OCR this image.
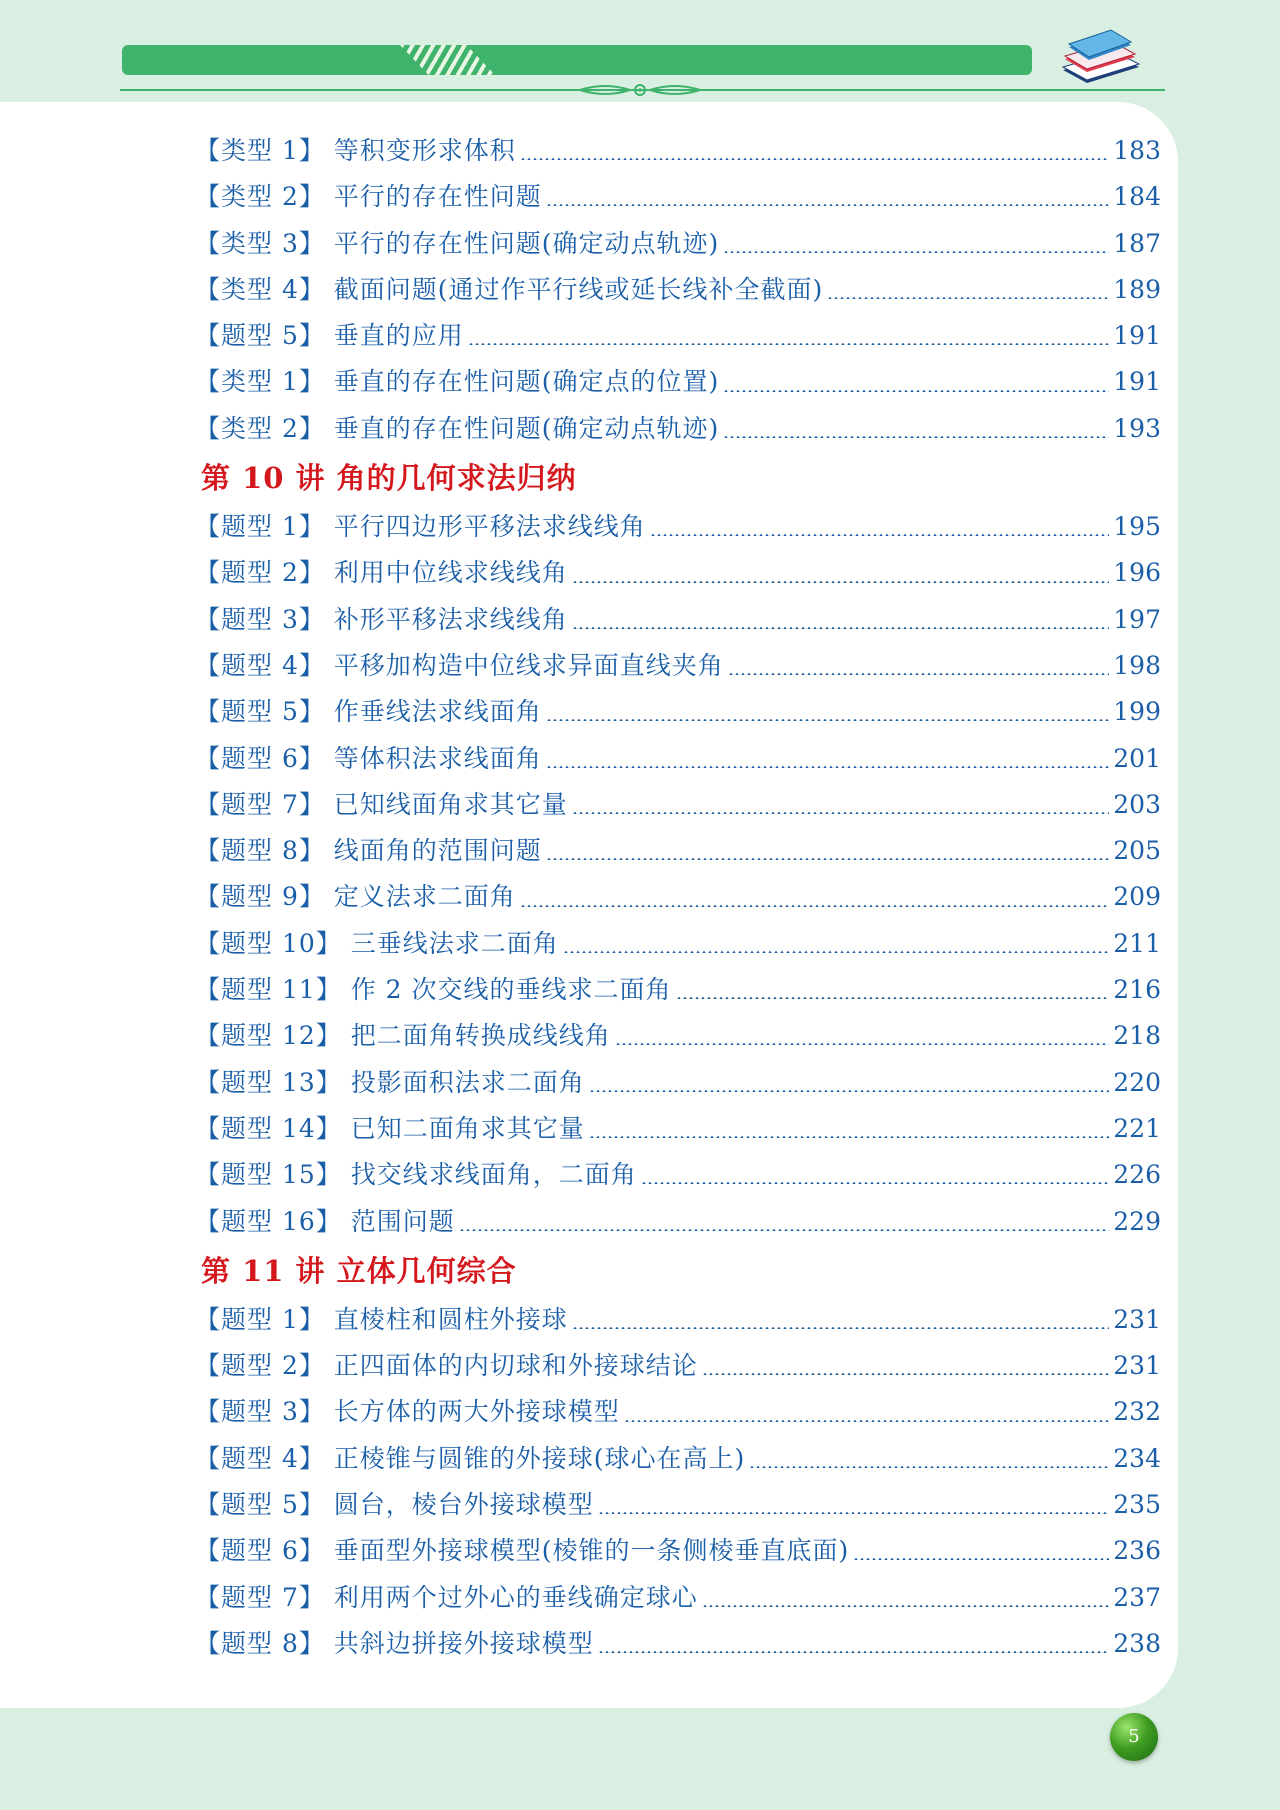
【类型 1】 等积变形求体积	183
【类型 2】 平行的存在性问题	184
【类型 3】 平行的存在性问题(确定动点轨迹)	187
【类型 4】 截面问题(通过作平行线或延长线补全截面)	189
【题型 5】 垂直的应用	191
【类型 1】 垂直的存在性问题(确定点的位置)	191
【类型 2】 垂直的存在性问题(确定动点轨迹)	193
第 10 讲 角的几何求法归纳
【题型 1】 平行四边形平移法求线线角	195
【题型 2】 利用中位线求线线角	196
【题型 3】 补形平移法求线线角	197
【题型 4】 平移加构造中位线求异面直线夹角	198
【题型 5】 作垂线法求线面角	199
【题型 6】 等体积法求线面角	201
【题型 7】 已知线面角求其它量	203
【题型 8】 线面角的范围问题	205
【题型 9】 定义法求二面角	209
【题型 10】 三垂线法求二面角	211
【题型 11】 作 2 次交线的垂线求二面角	216
【题型 12】 把二面角转换成线线角	218
【题型 13】 投影面积法求二面角	220
【题型 14】 已知二面角求其它量	221
【题型 15】 找交线求线面角，二面角	226
【题型 16】 范围问题	229
第 11 讲 立体几何综合
【题型 1】 直棱柱和圆柱外接球	231
【题型 2】 正四面体的内切球和外接球结论	231
【题型 3】 长方体的两大外接球模型	232
【题型 4】 正棱锥与圆锥的外接球(球心在高上)	234
【题型 5】 圆台，棱台外接球模型	235
【题型 6】 垂面型外接球模型(棱锥的一条侧棱垂直底面)	236
【题型 7】 利用两个过外心的垂线确定球心	237
【题型 8】 共斜边拼接外接球模型	238
5
